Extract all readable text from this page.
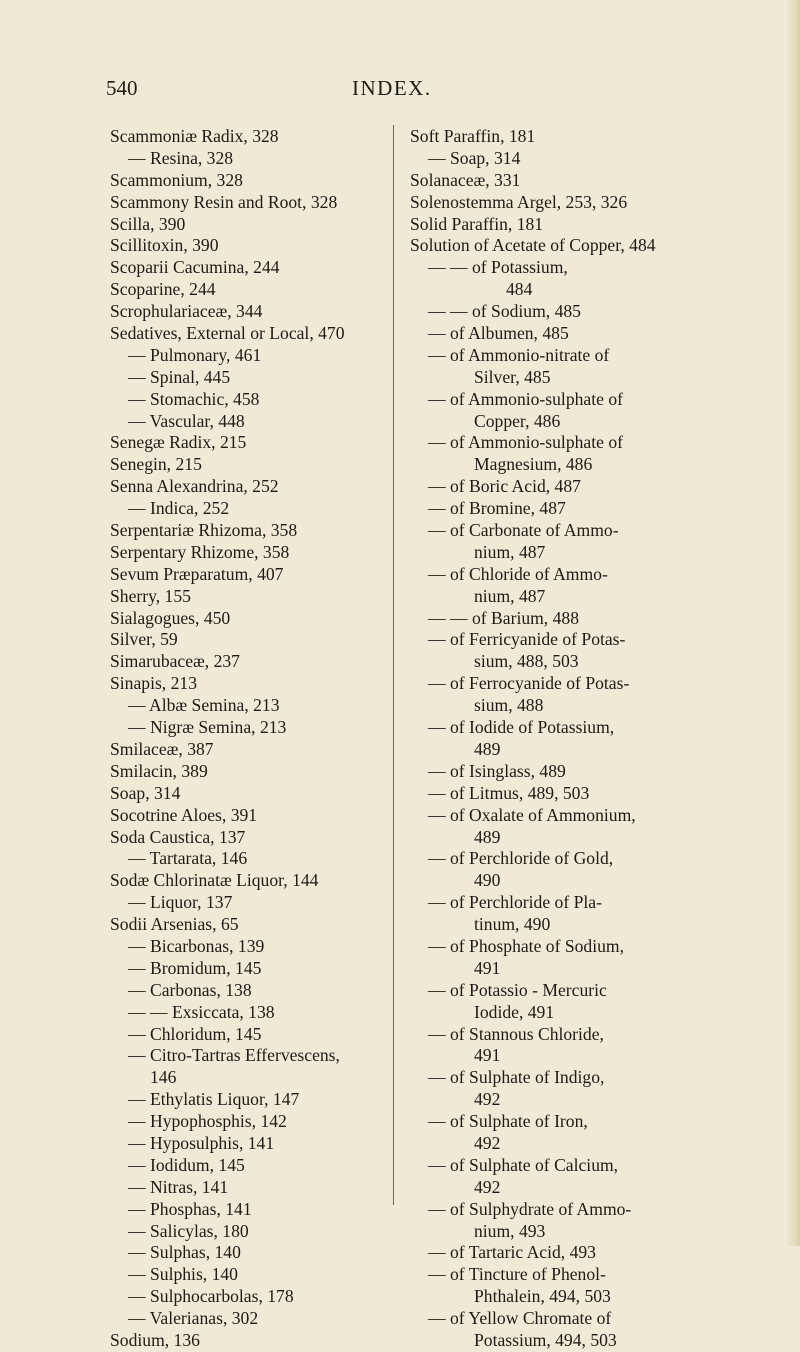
540	INDEX.
Scammoniæ Radix, 328
— Resina, 328
Scammonium, 328
Scammony Resin and Root, 328
Scilla, 390
Scillitoxin, 390
Scoparii Cacumina, 244
Scoparine, 244
Scrophulariaceæ, 344
Sedatives, External or Local, 470
— Pulmonary, 461
— Spinal, 445
— Stomachic, 458
— Vascular, 448
Senegæ Radix, 215
Senegin, 215
Senna Alexandrina, 252
— Indica, 252
Serpentariæ Rhizoma, 358
Serpentary Rhizome, 358
Sevum Præparatum, 407
Sherry, 155
Sialagogues, 450
Silver, 59
Simarubaceæ, 237
Sinapis, 213
— Albæ Semina, 213
— Nigræ Semina, 213
Smilaceæ, 387
Smilacin, 389
Soap, 314
Socotrine Aloes, 391
Soda Caustica, 137
— Tartarata, 146
Sodæ Chlorinatæ Liquor, 144
— Liquor, 137
Sodii Arsenias, 65
— Bicarbonas, 139
— Bromidum, 145
— Carbonas, 138
— — Exsiccata, 138
— Chloridum, 145
— Citro-Tartras Effervescens,
146
— Ethylatis Liquor, 147
— Hypophosphis, 142
— Hyposulphis, 141
— Iodidum, 145
— Nitras, 141
— Phosphas, 141
— Salicylas, 180
— Sulphas, 140
— Sulphis, 140
— Sulphocarbolas, 178
— Valerianas, 302
Sodium, 136
Soft Paraffin, 181
— Soap, 314
Solanaceæ, 331
Solenostemma Argel, 253, 326
Solid Paraffin, 181
Solution of Acetate of Copper, 484
— — of Potassium,
484
— — of Sodium, 485
— of Albumen, 485
— of Ammonio-nitrate of
Silver, 485
— of Ammonio-sulphate of
Copper, 486
— of Ammonio-sulphate of
Magnesium, 486
— of Boric Acid, 487
— of Bromine, 487
— of Carbonate of Ammo-
nium, 487
— of Chloride of Ammo-
nium, 487
— — of Barium, 488
— of Ferricyanide of Potas-
sium, 488, 503
— of Ferrocyanide of Potas-
sium, 488
— of Iodide of Potassium,
489
— of Isinglass, 489
— of Litmus, 489, 503
— of Oxalate of Ammonium,
489
— of Perchloride of Gold,
490
— of Perchloride of Pla-
tinum, 490
— of Phosphate of Sodium,
491
— of Potassio - Mercuric
Iodide, 491
— of Stannous Chloride,
491
— of Sulphate of Indigo,
492
— of Sulphate of Iron,
492
— of Sulphate of Calcium,
492
— of Sulphydrate of Ammo-
nium, 493
— of Tartaric Acid, 493
— of Tincture of Phenol-
Phthalein, 494, 503
— of Yellow Chromate of
Potassium, 494, 503
